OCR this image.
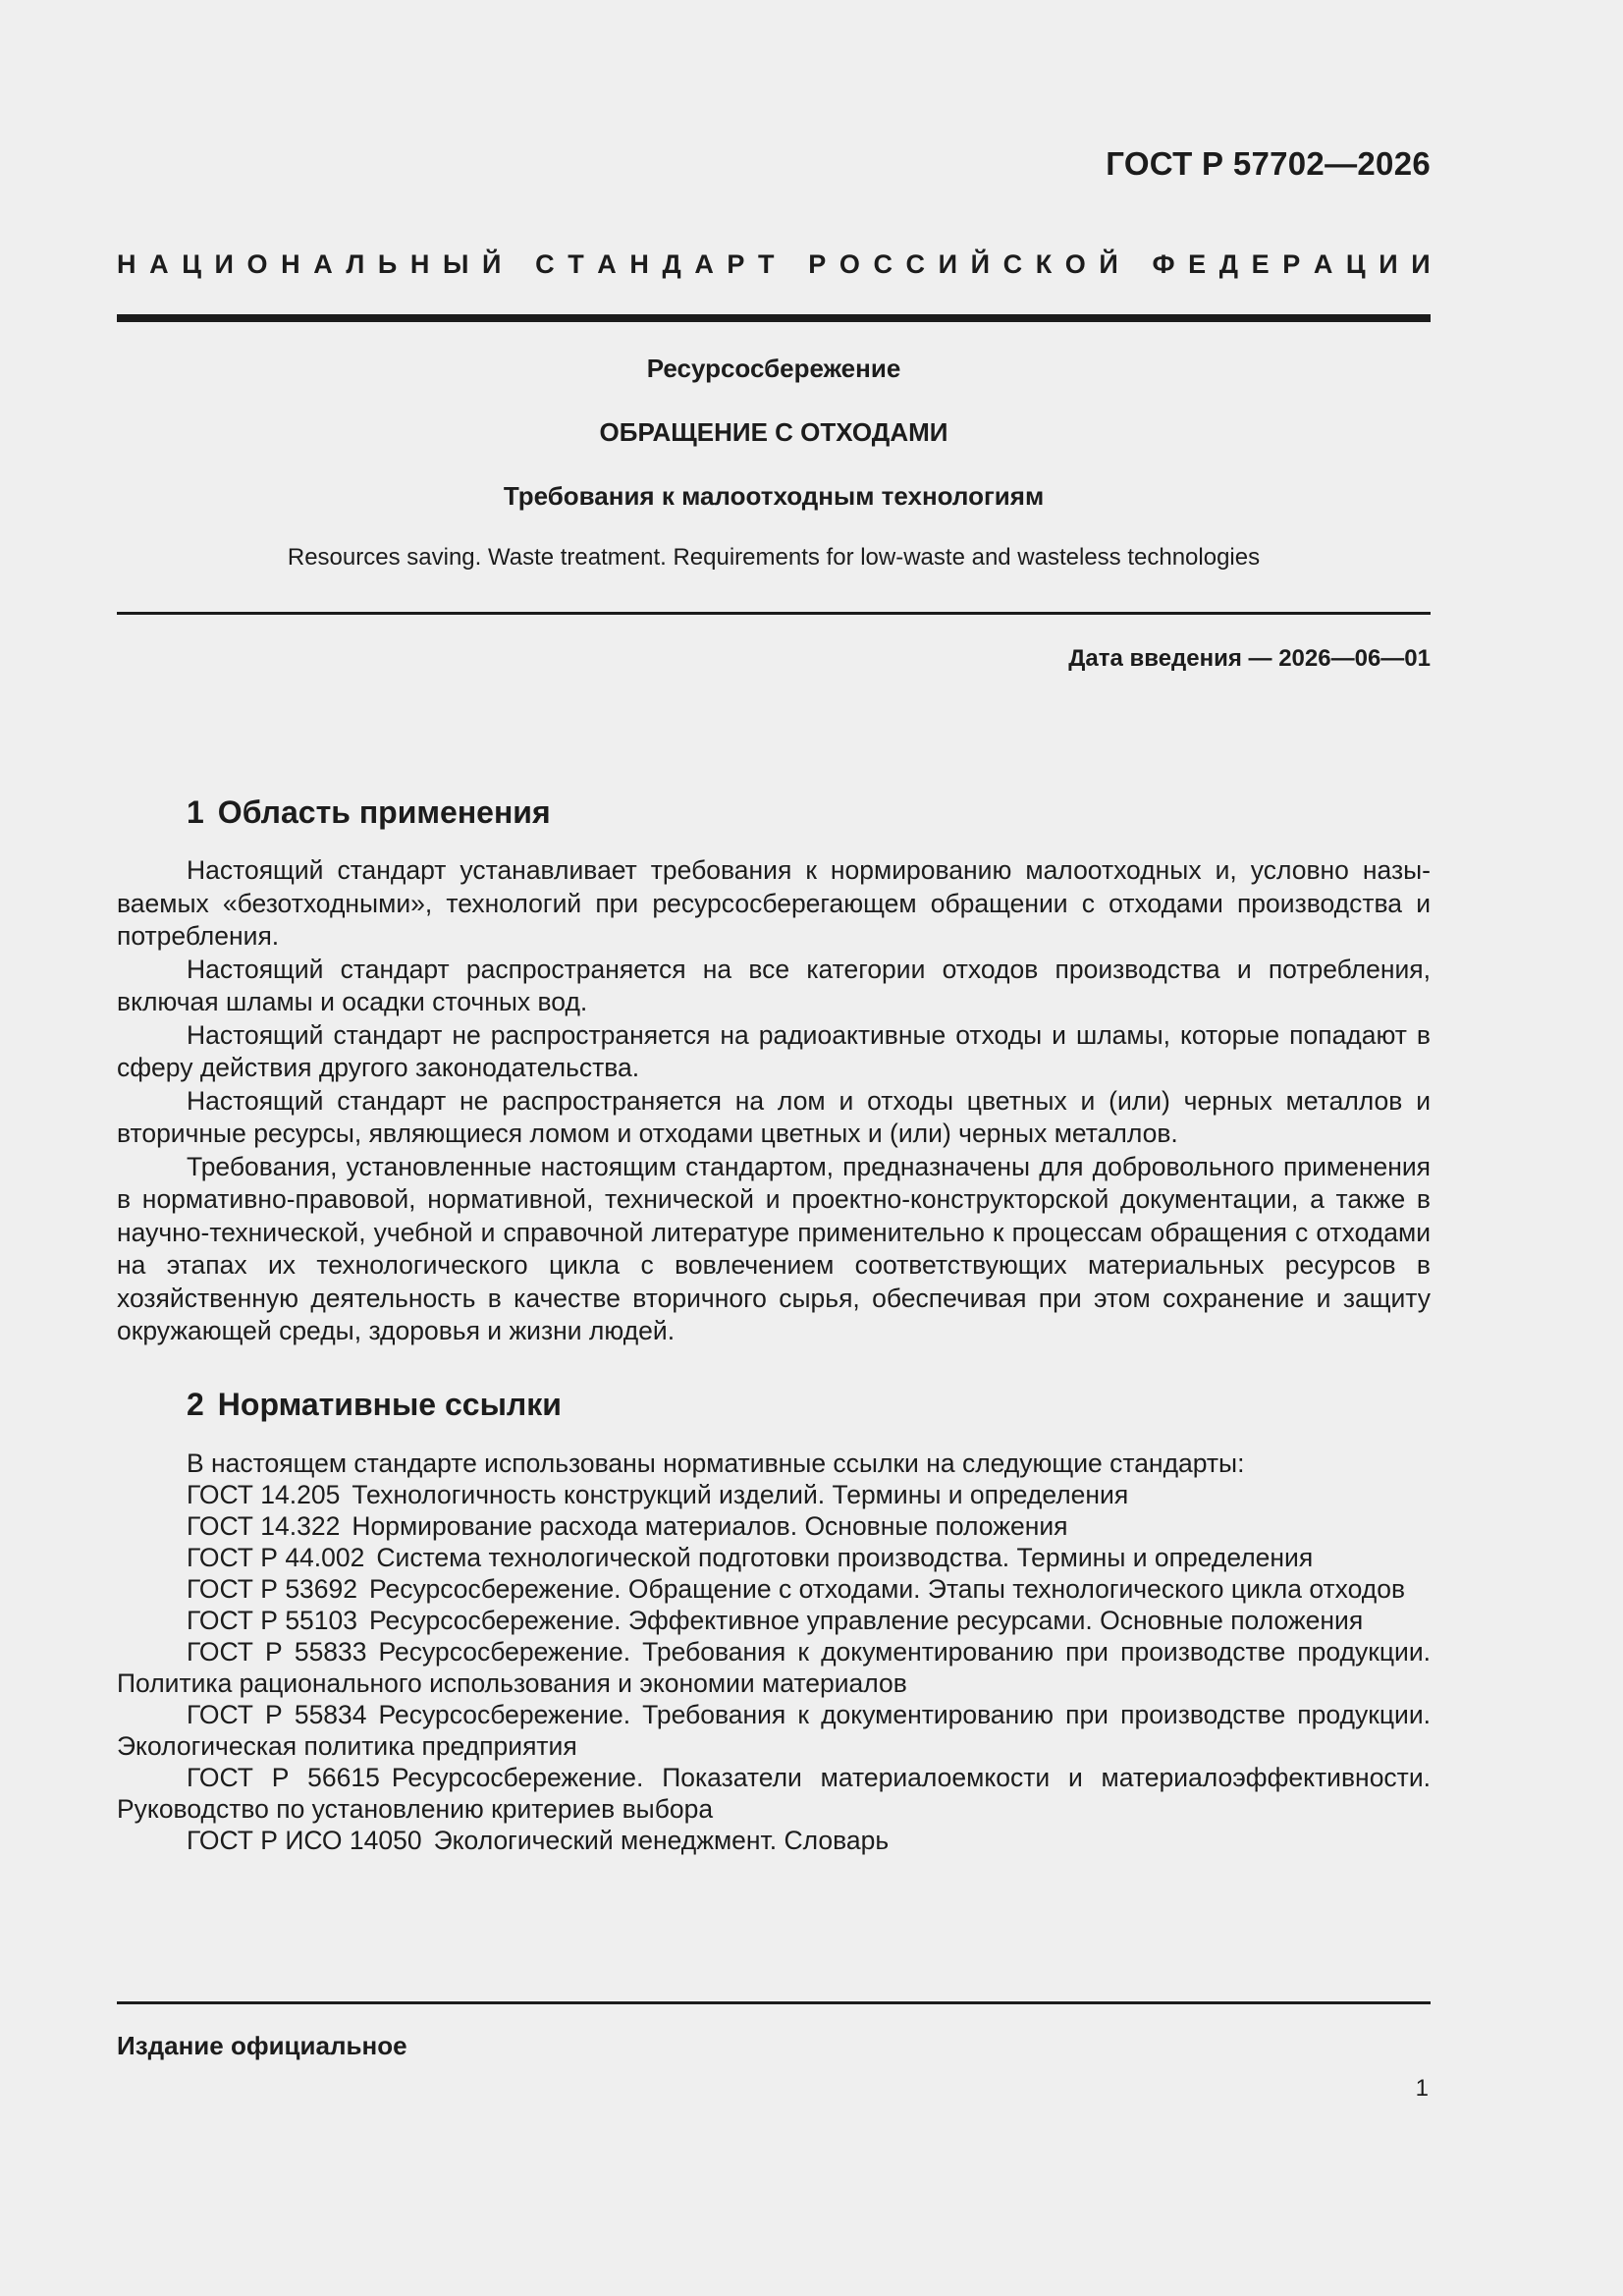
ГОСТ Р 57702—2026
Н А Ц И О Н А Л Ь Н Ы Й
С Т А Н Д А Р Т
Р О С С И Й С К О Й
Ф Е Д Е Р А Ц И И
Ресурсосбережение
ОБРАЩЕНИЕ С ОТХОДАМИ
Требования к малоотходным технологиям
Resources saving. Waste treatment. Requirements for low-waste and wasteless technologies
Дата введения — 2026—06—01
1 Область применения

Настоящий стандарт устанавливает требования к нормированию малоотходных и, условно называемых «безотходными», технологий при ресурсосберегающем обращении с отходами производства и потребления.

Настоящий стандарт распространяется на все категории отходов производства и потребления, включая шламы и осадки сточных вод.

Настоящий стандарт не распространяется на радиоактивные отходы и шламы, которые попадают в сферу действия другого законодательства.

Настоящий стандарт не распространяется на лом и отходы цветных и (или) черных металлов и вторичные ресурсы, являющиеся ломом и отходами цветных и (или) черных металлов.

Требования, установленные настоящим стандартом, предназначены для добровольного применения в нормативно-правовой, нормативной, технической и проектно-конструкторской документации, а также в научно-технической, учебной и справочной литературе применительно к процессам обращения с отходами на этапах их технологического цикла с вовлечением соответствующих материальных ресурсов в хозяйственную деятельность в качестве вторичного сырья, обеспечивая при этом сохранение и защиту окружающей среды, здоровья и жизни людей.

2 Нормативные ссылки

В настоящем стандарте использованы нормативные ссылки на следующие стандарты:

ГОСТ 14.205 Технологичность конструкций изделий. Термины и определения

ГОСТ 14.322 Нормирование расхода материалов. Основные положения

ГОСТ Р 44.002 Система технологической подготовки производства. Термины и определения

ГОСТ Р 53692 Ресурсосбережение. Обращение с отходами. Этапы технологического цикла отходов

ГОСТ Р 55103 Ресурсосбережение. Эффективное управление ресурсами. Основные положения

ГОСТ Р 55833 Ресурсосбережение. Требования к документированию при производстве продукции. Политика рационального использования и экономии материалов

ГОСТ Р 55834 Ресурсосбережение. Требования к документированию при производстве продукции. Экологическая политика предприятия

ГОСТ Р 56615 Ресурсосбережение. Показатели материалоемкости и материалоэффективности. Руководство по установлению критериев выбора

ГОСТ Р ИСО 14050 Экологический менеджмент. Словарь

Издание официальное
1
